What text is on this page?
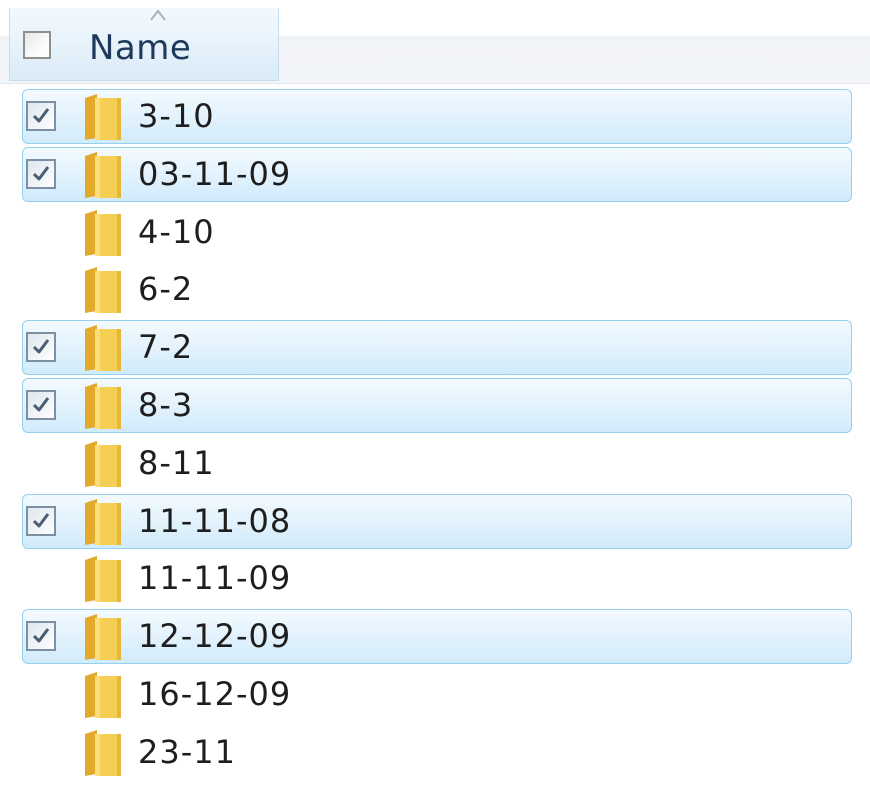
Name
3-10
03-11-09
4-10
6-2
7-2
8-3
8-11
11-11-08
11-11-09
12-12-09
16-12-09
23-11
